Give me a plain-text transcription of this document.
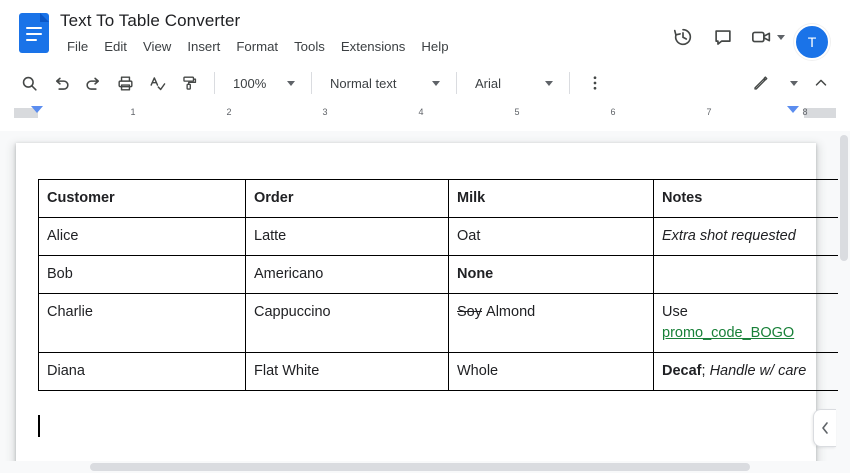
Text To Table Converter
File	Edit	View	Insert	Format	Tools	Extensions	Help	T
100%	Normal text	Arial
1	2	3	4	5	6	7	8
Customer	Order	Milk	Notes
Alice	Latte	Oat	Extra shot requested
Bob	Americano	None	
Charlie	Cappuccino	Soy Almond	Use
promo_code_BOGO
Diana	Flat White	Whole	Decaf; Handle w/ care
